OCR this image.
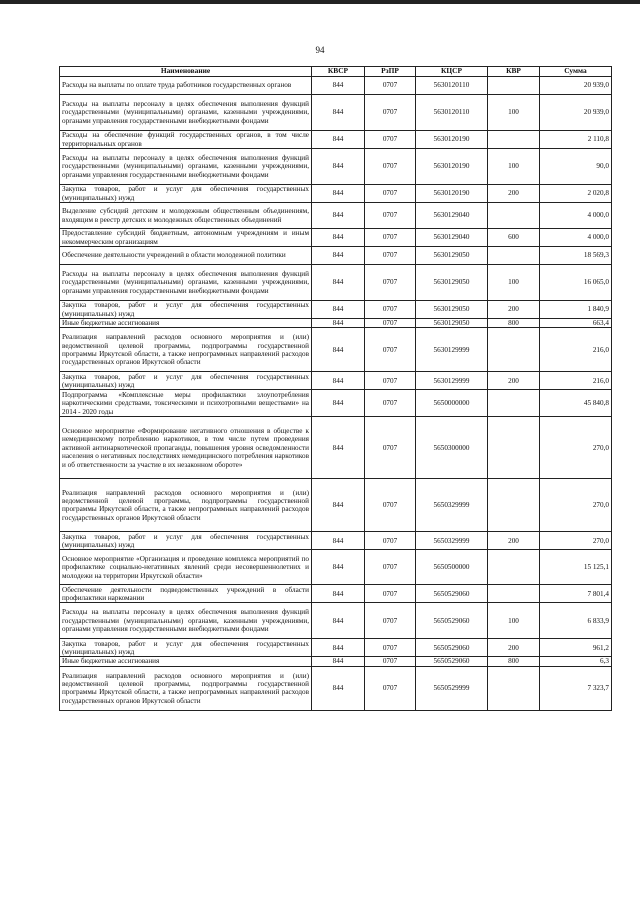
94
Наименование	КВСР	РзПР	КЦСР	КВР	Сумма
Расходы на выплаты по оплате труда работников государственных органов	844	0707	5630120110		20 939,0
Расходы на выплаты персоналу в целях обеспечения выполнения функций государственными (муниципальными) органами, казенными учреждениями, органами управления государственными внебюджетными фондами	844	0707	5630120110	100	20 939,0
Расходы на обеспечение функций государственных органов, в том числе территориальных органов	844	0707	5630120190		2 110,8
Расходы на выплаты персоналу в целях обеспечения выполнения функций государственными (муниципальными) органами, казенными учреждениями, органами управления государственными внебюджетными фондами	844	0707	5630120190	100	90,0
Закупка товаров, работ и услуг для обеспечения государственных (муниципальных) нужд	844	0707	5630120190	200	2 020,8
Выделение субсидий детским и молодежным общественным объединениям, входящим в реестр детских и молодежных общественных объединений	844	0707	5630129040		4 000,0
Предоставление субсидий бюджетным, автономным учреждениям и иным некоммерческим организациям	844	0707	5630129040	600	4 000,0
Обеспечение деятельности учреждений в области молодежной политики	844	0707	5630129050		18 569,3
Расходы на выплаты персоналу в целях обеспечения выполнения функций государственными (муниципальными) органами, казенными учреждениями, органами управления государственными внебюджетными фондами	844	0707	5630129050	100	16 065,0
Закупка товаров, работ и услуг для обеспечения государственных (муниципальных) нужд	844	0707	5630129050	200	1 840,9
Иные бюджетные ассигнования	844	0707	5630129050	800	663,4
Реализация направлений расходов основного мероприятия и (или) ведомственной целевой программы, подпрограммы государственной программы Иркутской области, а также непрограммных направлений расходов государственных органов Иркутской области	844	0707	5630129999		216,0
Закупка товаров, работ и услуг для обеспечения государственных (муниципальных) нужд	844	0707	5630129999	200	216,0
Подпрограмма «Комплексные меры профилактики злоупотребления наркотическими средствами, токсическими и психотропными веществами» на 2014 - 2020 годы	844	0707	5650000000		45 840,8
Основное мероприятие «Формирование негативного отношения в обществе к немедицинскому потреблению наркотиков, в том числе путем проведения активной антинаркотической пропаганды, повышения уровня осведомленности населения о негативных последствиях немедицинского потребления наркотиков и об ответственности за участие в их незаконном обороте»	844	0707	5650300000		270,0
Реализация направлений расходов основного мероприятия и (или) ведомственной целевой программы, подпрограммы государственной программы Иркутской области, а также непрограммных направлений расходов государственных органов Иркутской области	844	0707	5650329999		270,0
Закупка товаров, работ и услуг для обеспечения государственных (муниципальных) нужд	844	0707	5650329999	200	270,0
Основное мероприятие «Организация и проведение комплекса мероприятий по профилактике социально-негативных явлений среди несовершеннолетних и молодежи на территории Иркутской области»	844	0707	5650500000		15 125,1
Обеспечение деятельности подведомственных учреждений в области профилактики наркомании	844	0707	5650529060		7 801,4
Расходы на выплаты персоналу в целях обеспечения выполнения функций государственными (муниципальными) органами, казенными учреждениями, органами управления государственными внебюджетными фондами	844	0707	5650529060	100	6 833,9
Закупка товаров, работ и услуг для обеспечения государственных (муниципальных) нужд	844	0707	5650529060	200	961,2
Иные бюджетные ассигнования	844	0707	5650529060	800	6,3
Реализация направлений расходов основного мероприятия и (или) ведомственной целевой программы, подпрограммы государственной программы Иркутской области, а также непрограммных направлений расходов государственных органов Иркутской области	844	0707	5650529999		7 323,7
